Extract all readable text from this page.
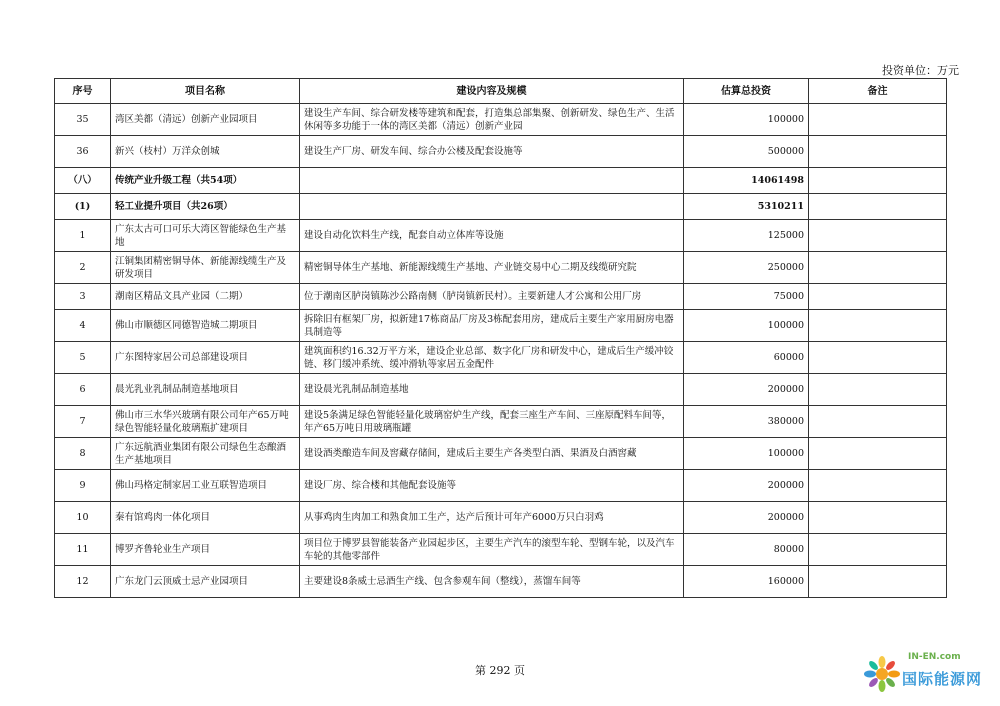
投资单位：万元
序号	项目名称	建设内容及规模	估算总投资	备注
35	湾区美都（清远）创新产业园项目	建设生产车间、综合研发楼等建筑和配套，打造集总部集聚、创新研发、绿色生产、生活休闲等多功能于一体的湾区美都（清远）创新产业园	100000	
36	新兴（枝村）万洋众创城	建设生产厂房、研发车间、综合办公楼及配套设施等	500000	
（八）	传统产业升级工程（共54项）		14061498	
(1)	轻工业提升项目（共26项）		5310211	
1	广东太古可口可乐大湾区智能绿色生产基地	建设自动化饮料生产线，配套自动立体库等设施	125000	
2	江铜集团精密铜导体、新能源线缆生产及研发项目	精密铜导体生产基地、新能源线缆生产基地、产业链交易中心二期及线缆研究院	250000	
3	潮南区精品文具产业园（二期）	位于潮南区胪岗镇陈沙公路南侧（胪岗镇新民村）。主要新建人才公寓和公用厂房	75000	
4	佛山市顺德区同德智造城二期项目	拆除旧有框架厂房，拟新建17栋商品厂房及3栋配套用房，建成后主要生产家用厨房电器具制造等	100000	
5	广东图特家居公司总部建设项目	建筑面积约16.32万平方米，建设企业总部、数字化厂房和研发中心，建成后生产缓冲铰链、移门缓冲系统、缓冲滑轨等家居五金配件	60000	
6	晨光乳业乳制品制造基地项目	建设晨光乳制品制造基地	200000	
7	佛山市三水华兴玻璃有限公司年产65万吨绿色智能轻量化玻璃瓶扩建项目	建设5条满足绿色智能轻量化玻璃窑炉生产线，配套三座生产车间、三座原配料车间等，年产65万吨日用玻璃瓶罐	380000	
8	广东远航酒业集团有限公司绿色生态酿酒生产基地项目	建设酒类酿造车间及窖藏存储间，建成后主要生产各类型白酒、果酒及白酒窖藏	100000	
9	佛山玛格定制家居工业互联智造项目	建设厂房、综合楼和其他配套设施等	200000	
10	秦有馆鸡肉一体化项目	从事鸡肉生肉加工和熟食加工生产，达产后预计可年产6000万只白羽鸡	200000	
11	博罗齐鲁轮业生产项目	项目位于博罗县智能装备产业园起步区，主要生产汽车的滚型车轮、型钢车轮，以及汽车车轮的其他零部件	80000	
12	广东龙门云顶威士忌产业园项目	主要建设8条威士忌酒生产线、包含参观车间（整线），蒸馏车间等	160000	
第 292 页
IN-EN.com
国际能源网
